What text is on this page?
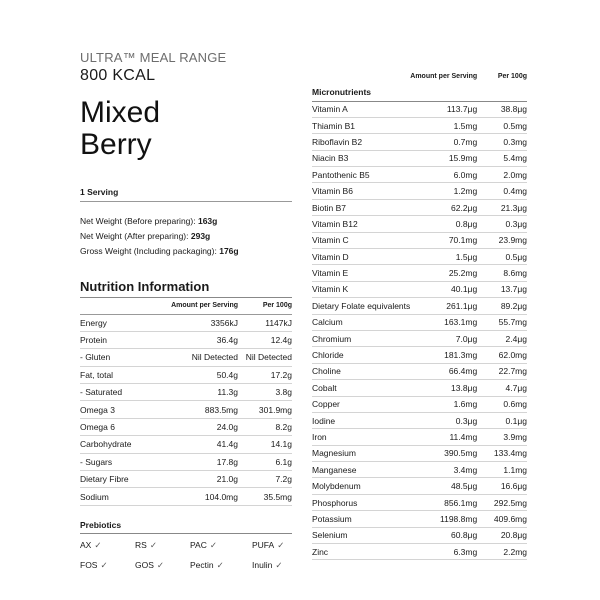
ULTRA™ MEAL RANGE
800 KCAL
Mixed
Berry
1 Serving
Net Weight (Before preparing): 163g
Net Weight (After preparing): 293g
Gross Weight (Including packaging): 176g
Nutrition Information
	Amount per Serving	Per 100g
Energy	3356kJ	1147kJ
Protein	36.4g	12.4g
- Gluten	Nil Detected	Nil Detected
Fat, total	50.4g	17.2g
- Saturated	11.3g	3.8g
Omega 3	883.5mg	301.9mg
Omega 6	24.0g	8.2g
Carbohydrate	41.4g	14.1g
- Sugars	17.8g	6.1g
Dietary Fibre	21.0g	7.2g
Sodium	104.0mg	35.5mg
Prebiotics
AX ✓	RS ✓	PAC ✓	PUFA ✓
FOS ✓	GOS ✓	Pectin ✓	Inulin ✓
	Amount per Serving	Per 100g
Micronutrients		
Vitamin A	113.7μg	38.8μg
Thiamin B1	1.5mg	0.5mg
Riboflavin B2	0.7mg	0.3mg
Niacin B3	15.9mg	5.4mg
Pantothenic B5	6.0mg	2.0mg
Vitamin B6	1.2mg	0.4mg
Biotin B7	62.2μg	21.3μg
Vitamin B12	0.8μg	0.3μg
Vitamin C	70.1mg	23.9mg
Vitamin D	1.5μg	0.5μg
Vitamin E	25.2mg	8.6mg
Vitamin K	40.1μg	13.7μg
Dietary Folate equivalents	261.1μg	89.2μg
Calcium	163.1mg	55.7mg
Chromium	7.0μg	2.4μg
Chloride	181.3mg	62.0mg
Choline	66.4mg	22.7mg
Cobalt	13.8μg	4.7μg
Copper	1.6mg	0.6mg
Iodine	0.3μg	0.1μg
Iron	11.4mg	3.9mg
Magnesium	390.5mg	133.4mg
Manganese	3.4mg	1.1mg
Molybdenum	48.5μg	16.6μg
Phosphorus	856.1mg	292.5mg
Potassium	1198.8mg	409.6mg
Selenium	60.8μg	20.8μg
Zinc	6.3mg	2.2mg
